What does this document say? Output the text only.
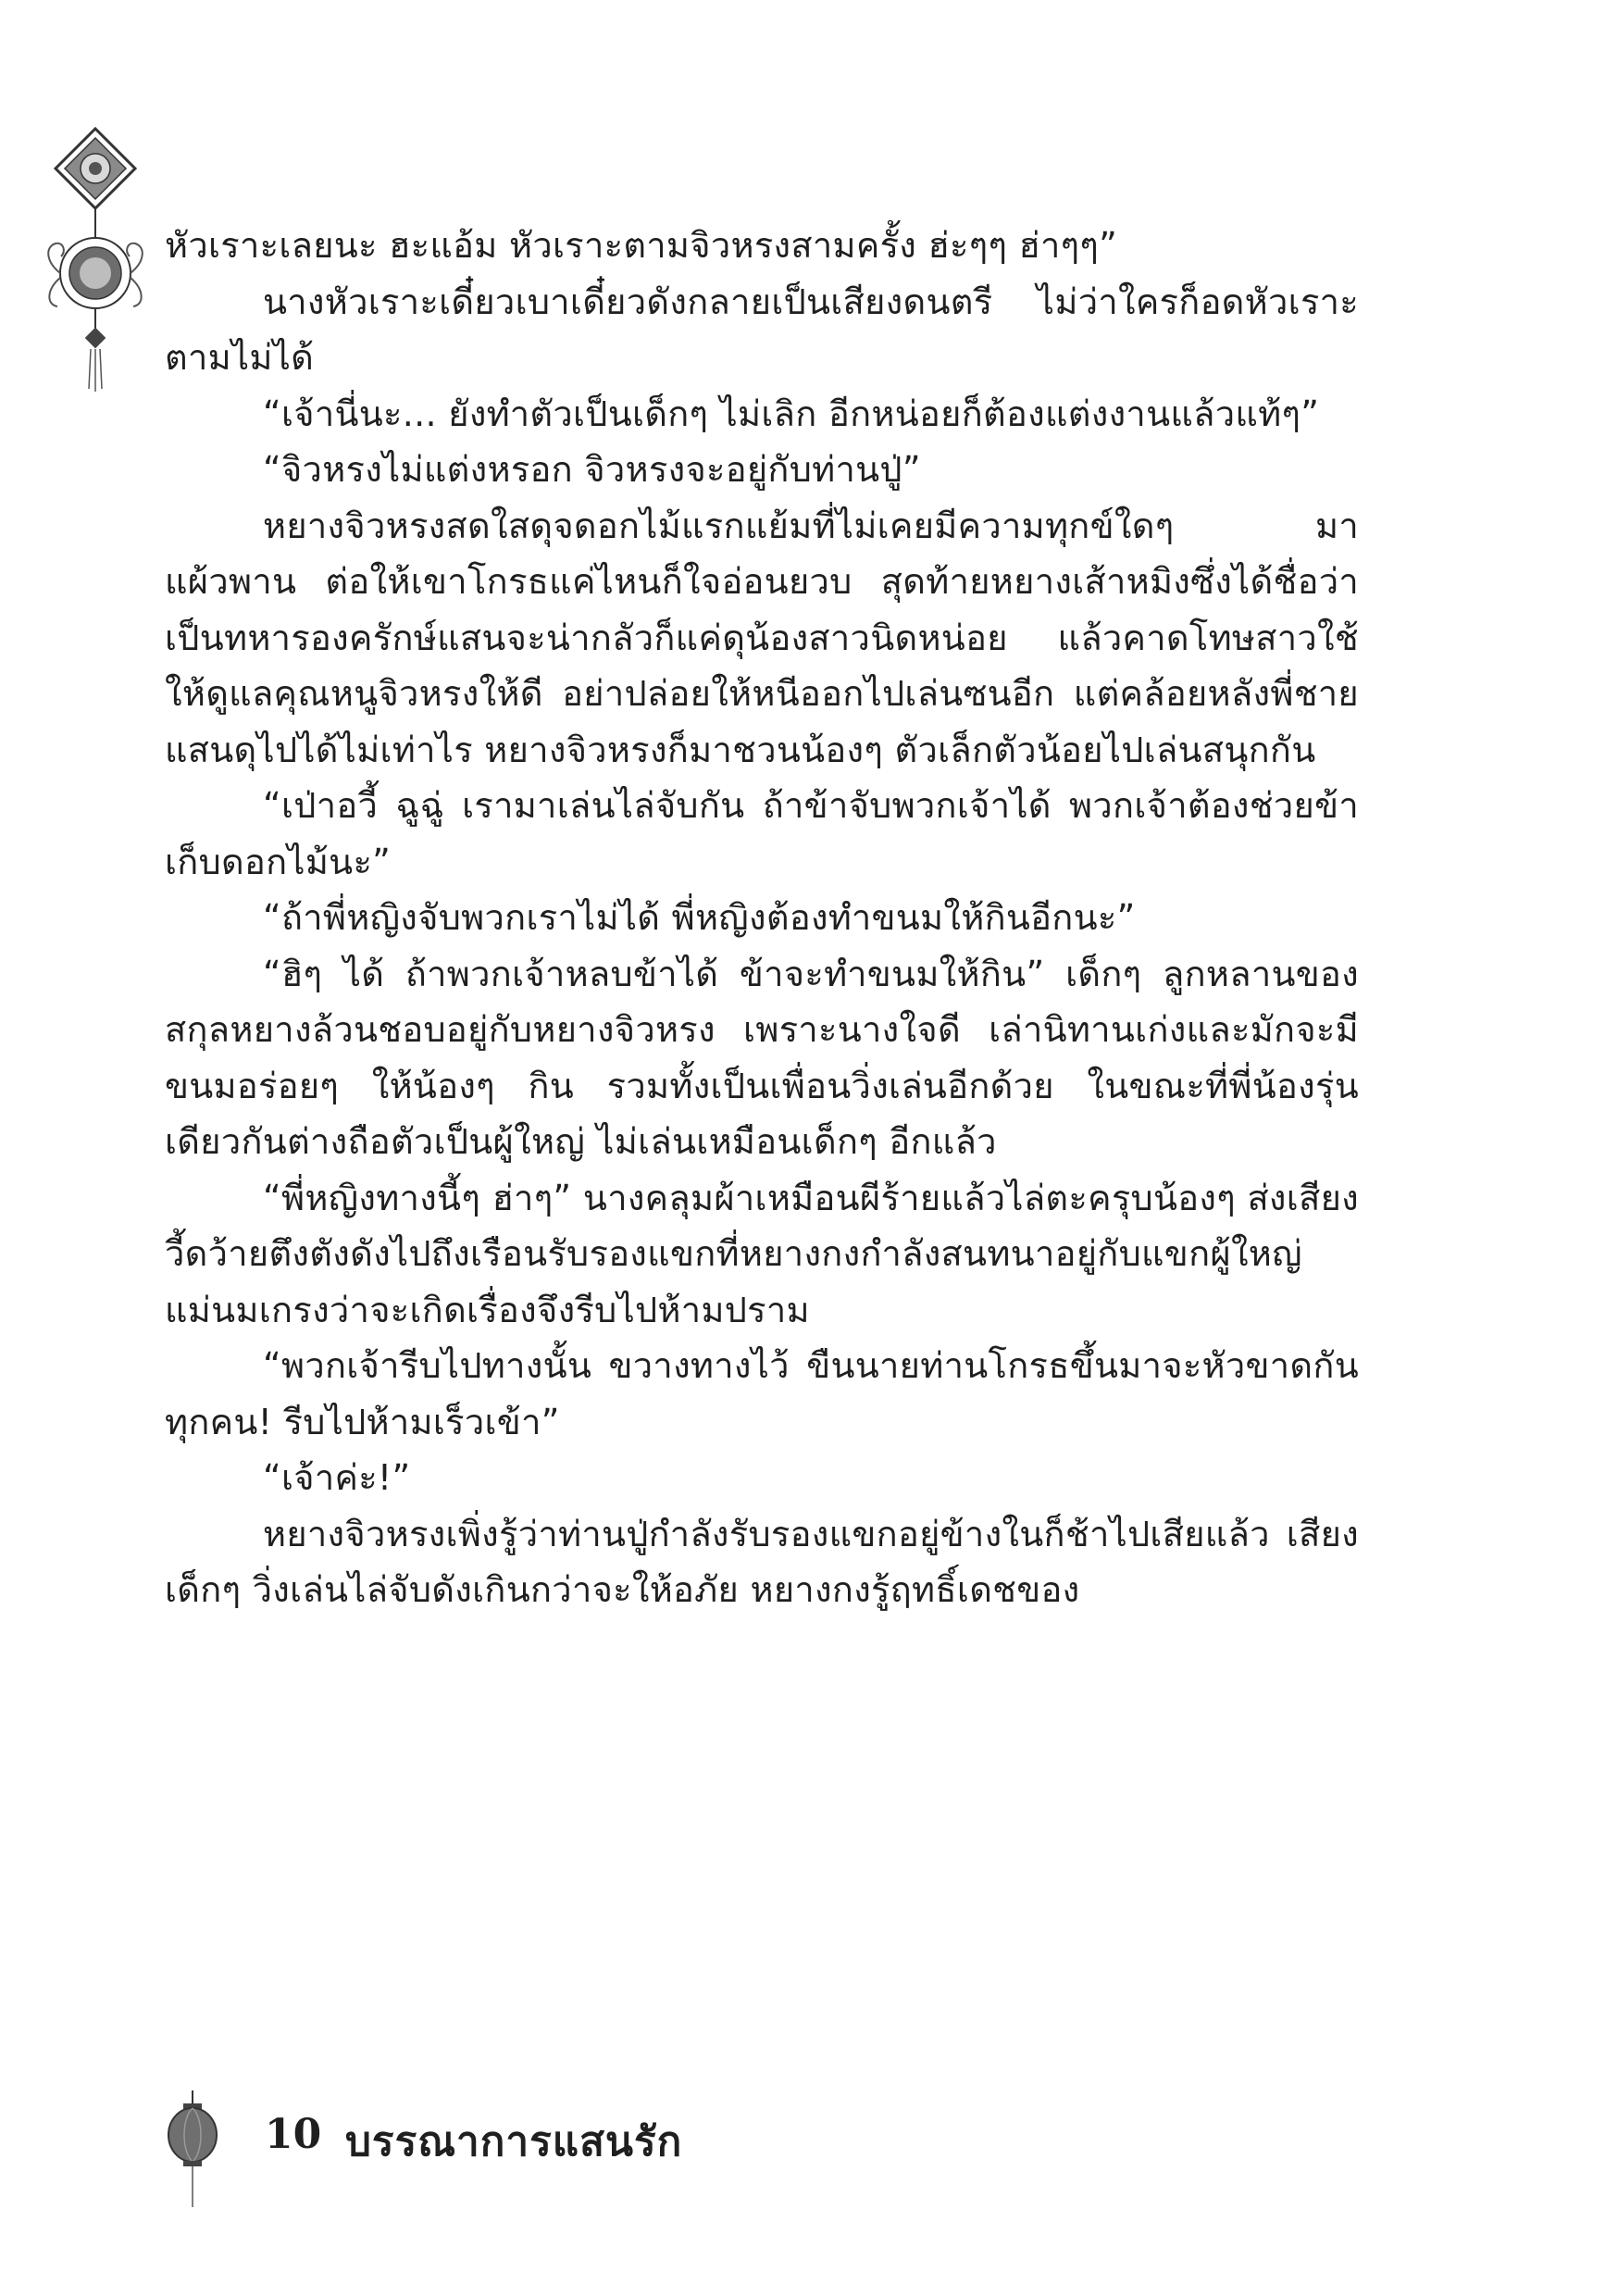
หัวเราะเลยนะ ฮะแอ้ม หัวเราะตามจิวหรงสามครั้ง ฮ่ะๆๆ ฮ่าๆๆ”

นางหัวเราะเดี๋ยวเบาเดี๋ยวดังกลายเป็นเสียงดนตรี ไม่ว่าใครก็อดหัวเราะตามไม่ได้

“เจ้านี่นะ... ยังทำตัวเป็นเด็กๆ ไม่เลิก อีกหน่อยก็ต้องแต่งงานแล้วแท้ๆ”

“จิวหรงไม่แต่งหรอก จิวหรงจะอยู่กับท่านปู่”

หยางจิวหรงสดใสดุจดอกไม้แรกแย้มที่ไม่เคยมีความทุกข์ใดๆ มาแผ้วพาน ต่อให้เขาโกรธแค่ไหนก็ใจอ่อนยวบ สุดท้ายหยางเส้าหมิงซึ่งได้ชื่อว่าเป็นทหารองครักษ์แสนจะน่ากลัวก็แค่ดุน้องสาวนิดหน่อย แล้วคาดโทษสาวใช้ให้ดูแลคุณหนูจิวหรงให้ดี อย่าปล่อยให้หนีออกไปเล่นซนอีก แต่คล้อยหลังพี่ชายแสนดุไปได้ไม่เท่าไร หยางจิวหรงก็มาชวนน้องๆ ตัวเล็กตัวน้อยไปเล่นสนุกกัน

“เป่าอวี้ ฉูฉู่ เรามาเล่นไล่จับกัน ถ้าข้าจับพวกเจ้าได้ พวกเจ้าต้องช่วยข้าเก็บดอกไม้นะ”

“ถ้าพี่หญิงจับพวกเราไม่ได้ พี่หญิงต้องทำขนมให้กินอีกนะ”

“ฮิๆ ได้ ถ้าพวกเจ้าหลบข้าได้ ข้าจะทำขนมให้กิน” เด็กๆ ลูกหลานของสกุลหยางล้วนชอบอยู่กับหยางจิวหรง เพราะนางใจดี เล่านิทานเก่งและมักจะมีขนมอร่อยๆ ให้น้องๆ กิน รวมทั้งเป็นเพื่อนวิ่งเล่นอีกด้วย ในขณะที่พี่น้องรุ่นเดียวกันต่างถือตัวเป็นผู้ใหญ่ ไม่เล่นเหมือนเด็กๆ อีกแล้ว

“พี่หญิงทางนี้ๆ ฮ่าๆ” นางคลุมผ้าเหมือนผีร้ายแล้วไล่ตะครุบน้องๆ ส่งเสียงวี้ดว้ายตึงตังดังไปถึงเรือนรับรองแขกที่หยางกงกำลังสนทนาอยู่กับแขกผู้ใหญ่ แม่นมเกรงว่าจะเกิดเรื่องจึงรีบไปห้ามปราม

“พวกเจ้ารีบไปทางนั้น ขวางทางไว้ ขืนนายท่านโกรธขึ้นมาจะหัวขาดกันทุกคน! รีบไปห้ามเร็วเข้า”

“เจ้าค่ะ!”

หยางจิวหรงเพิ่งรู้ว่าท่านปู่กำลังรับรองแขกอยู่ข้างในก็ช้าไปเสียแล้ว เสียงเด็กๆ วิ่งเล่นไล่จับดังเกินกว่าจะให้อภัย หยางกงรู้ฤทธิ์เดชของ

10 บรรณาการแสนรัก
